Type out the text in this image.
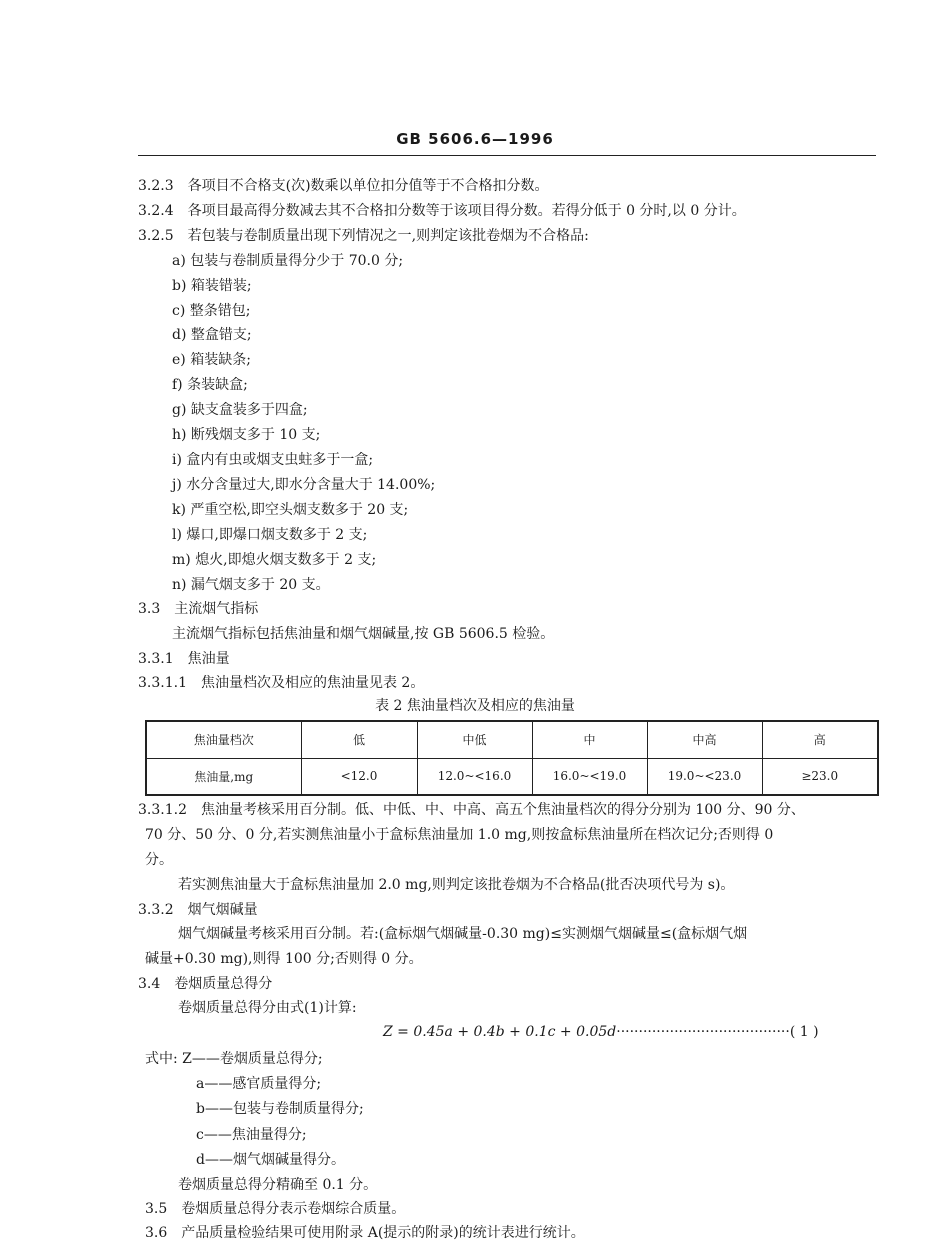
GB 5606.6—1996
3.2.3 各项目不合格支(次)数乘以单位扣分值等于不合格扣分数。
3.2.4 各项目最高得分数减去其不合格扣分数等于该项目得分数。若得分低于 0 分时,以 0 分计。
3.2.5 若包装与卷制质量出现下列情况之一,则判定该批卷烟为不合格品:
a) 包装与卷制质量得分少于 70.0 分;
b) 箱装错装;
c) 整条错包;
d) 整盒错支;
e) 箱装缺条;
f) 条装缺盒;
g) 缺支盒装多于四盒;
h) 断残烟支多于 10 支;
i) 盒内有虫或烟支虫蛀多于一盒;
j) 水分含量过大,即水分含量大于 14.00%;
k) 严重空松,即空头烟支数多于 20 支;
l) 爆口,即爆口烟支数多于 2 支;
m) 熄火,即熄火烟支数多于 2 支;
n) 漏气烟支多于 20 支。
3.3 主流烟气指标
主流烟气指标包括焦油量和烟气烟碱量,按 GB 5606.5 检验。
3.3.1 焦油量
3.3.1.1 焦油量档次及相应的焦油量见表 2。
表 2 焦油量档次及相应的焦油量
焦油量档次	低	中低	中	中高	高
焦油量,mg	<12.0	12.0~<16.0	16.0~<19.0	19.0~<23.0	≥23.0
3.3.1.2 焦油量考核采用百分制。低、中低、中、中高、高五个焦油量档次的得分分别为 100 分、90 分、
70 分、50 分、0 分,若实测焦油量小于盒标焦油量加 1.0 mg,则按盒标焦油量所在档次记分;否则得 0
分。
若实测焦油量大于盒标焦油量加 2.0 mg,则判定该批卷烟为不合格品(批否决项代号为 s)。
3.3.2 烟气烟碱量
烟气烟碱量考核采用百分制。若:(盒标烟气烟碱量-0.30 mg)≤实测烟气烟碱量≤(盒标烟气烟
碱量+0.30 mg),则得 100 分;否则得 0 分。
3.4 卷烟质量总得分
卷烟质量总得分由式(1)计算:
Z = 0.45a + 0.4b + 0.1c + 0.05d·······································( 1 )
式中: Z——卷烟质量总得分;
a——感官质量得分;
b——包装与卷制质量得分;
c——焦油量得分;
d——烟气烟碱量得分。
卷烟质量总得分精确至 0.1 分。
3.5 卷烟质量总得分表示卷烟综合质量。
3.6 产品质量检验结果可使用附录 A(提示的附录)的统计表进行统计。
